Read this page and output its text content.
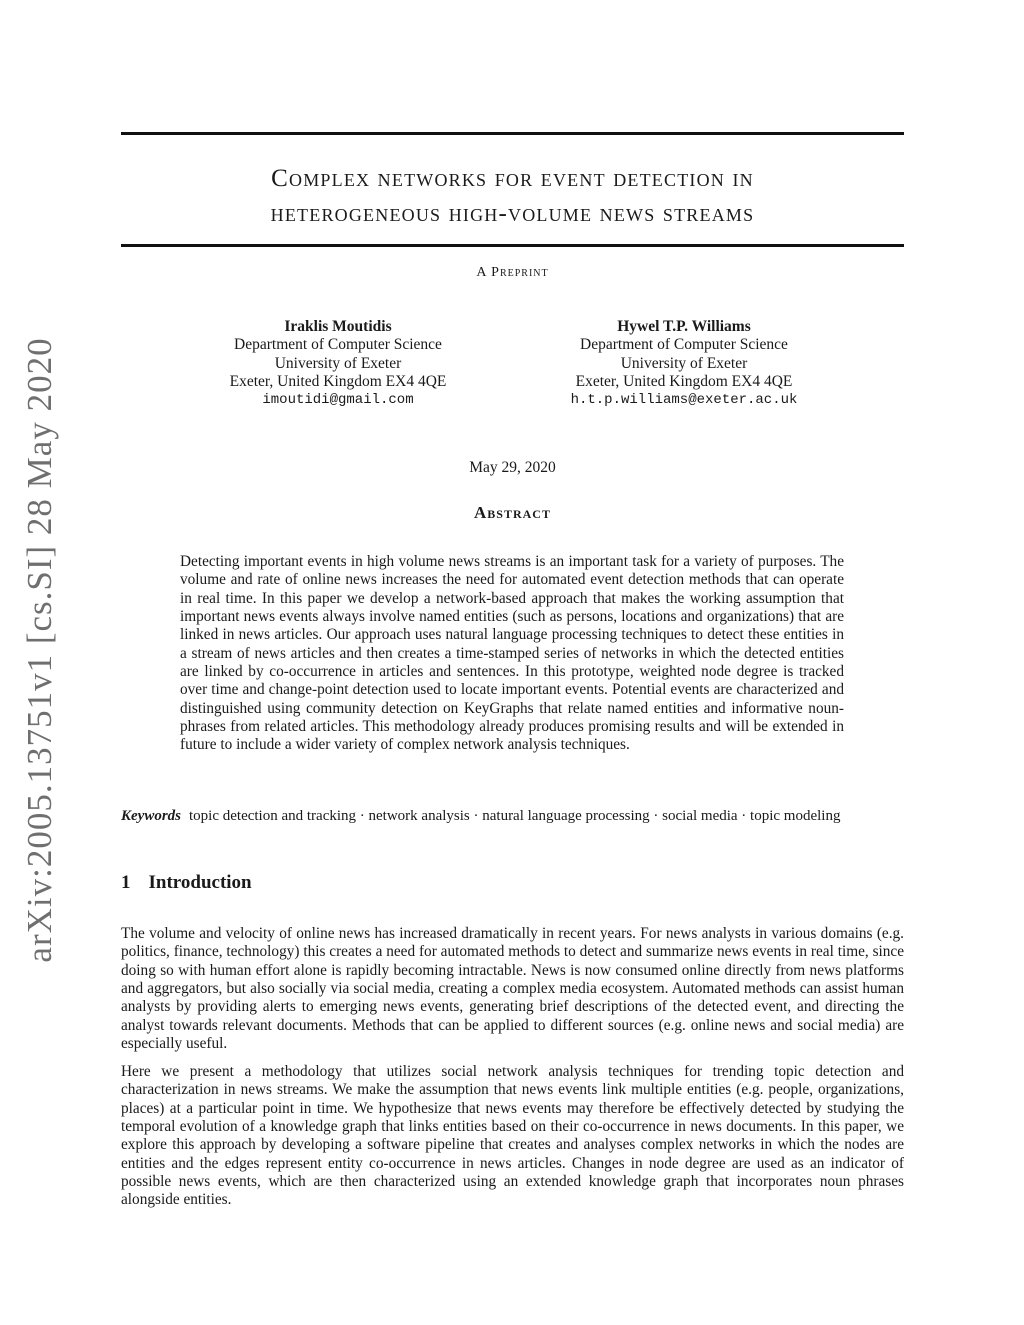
arXiv:2005.13751v1 [cs.SI] 28 May 2020
Complex networks for event detection in
heterogeneous high-volume news streams
A Preprint
Iraklis Moutidis
Department of Computer Science
University of Exeter
Exeter, United Kingdom EX4 4QE
imoutidi@gmail.com
Hywel T.P. Williams
Department of Computer Science
University of Exeter
Exeter, United Kingdom EX4 4QE
h.t.p.williams@exeter.ac.uk
May 29, 2020
Abstract
Detecting important events in high volume news streams is an important task for a variety of purposes. The volume and rate of online news increases the need for automated event detection methods that can operate in real time. In this paper we develop a network-based approach that makes the working assumption that important news events always involve named entities (such as persons, locations and organizations) that are linked in news articles. Our approach uses natural language processing techniques to detect these entities in a stream of news articles and then creates a time-stamped series of networks in which the detected entities are linked by co-occurrence in articles and sentences. In this prototype, weighted node degree is tracked over time and change-point detection used to locate important events. Potential events are characterized and distinguished using community detection on KeyGraphs that relate named entities and informative noun-phrases from related articles. This methodology already produces promising results and will be extended in future to include a wider variety of complex network analysis techniques.
Keywords topic detection and tracking · network analysis · natural language processing · social media · topic modeling
1 Introduction

The volume and velocity of online news has increased dramatically in recent years. For news analysts in various domains (e.g. politics, finance, technology) this creates a need for automated methods to detect and summarize news events in real time, since doing so with human effort alone is rapidly becoming intractable. News is now consumed online directly from news platforms and aggregators, but also socially via social media, creating a complex media ecosystem. Automated methods can assist human analysts by providing alerts to emerging news events, generating brief descriptions of the detected event, and directing the analyst towards relevant documents. Methods that can be applied to different sources (e.g. online news and social media) are especially useful.

Here we present a methodology that utilizes social network analysis techniques for trending topic detection and characterization in news streams. We make the assumption that news events link multiple entities (e.g. people, organizations, places) at a particular point in time. We hypothesize that news events may therefore be effectively detected by studying the temporal evolution of a knowledge graph that links entities based on their co-occurrence in news documents. In this paper, we explore this approach by developing a software pipeline that creates and analyses complex networks in which the nodes are entities and the edges represent entity co-occurrence in news articles. Changes in node degree are used as an indicator of possible news events, which are then characterized using an extended knowledge graph that incorporates noun phrases alongside entities.
